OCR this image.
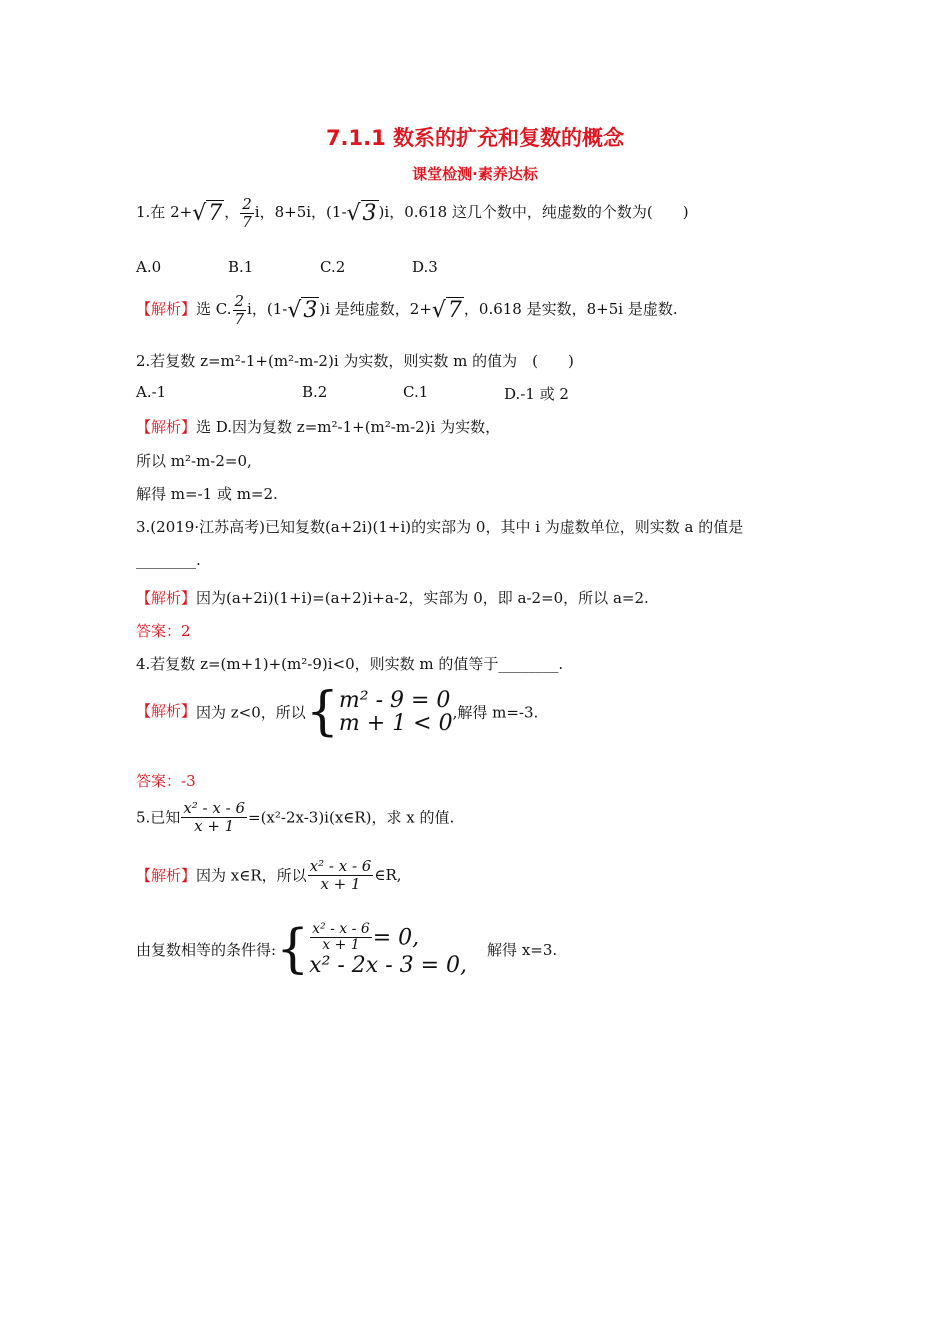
7.1.1 数系的扩充和复数的概念
课堂检测·素养达标
1.在 2+√7 ， $\frac{2}{7}$ i，8+5i，(1-√3 )i，0.618 这几个数中，纯虚数的个数为(　　)
A.0	B.1	C.2	D.3
【解析】选 C. $\frac{2}{7}$ i，(1-√3 )i 是纯虚数，2+√7 ，0.618 是实数，8+5i 是虚数.
2.若复数 z=m²-1+(m²-m-2)i 为实数，则实数 m 的值为　(　　)
A.-1	B.2	C.1	D.-1 或 2
【解析】选 D.因为复数 z=m²-1+(m²-m-2)i 为实数，
所以 m²-m-2=0,
解得 m=-1 或 m=2.
3.(2019·江苏高考)已知复数(a+2i)(1+i)的实部为 0，其中 i 为虚数单位，则实数 a 的值是
________.
【解析】因为(a+2i)(1+i)=(a+2)i+a-2，实部为 0，即 a-2=0，所以 a=2.
答案：2
4.若复数 z=(m+1)+(m²-9)i<0，则实数 m 的值等于________.
【解析】因为 z<0，所以{ m² - 9 = 0
m + 1 < 0 ,解得 m=-3.
答案：-3
5.已知 $\frac{\text{x² - x - 6}}{x + 1}$ =(x²-2x-3)i(x∈R)，求 x 的值.
【解析】因为 x∈R，所以 $\frac{\text{x² - x - 6}}{x + 1}$ ∈R,
由复数相等的条件得:{ $\frac{\text{x² - x - 6}}{x + 1} = 0$,
x² - 2x - 3 = 0,
解得 x=3.
